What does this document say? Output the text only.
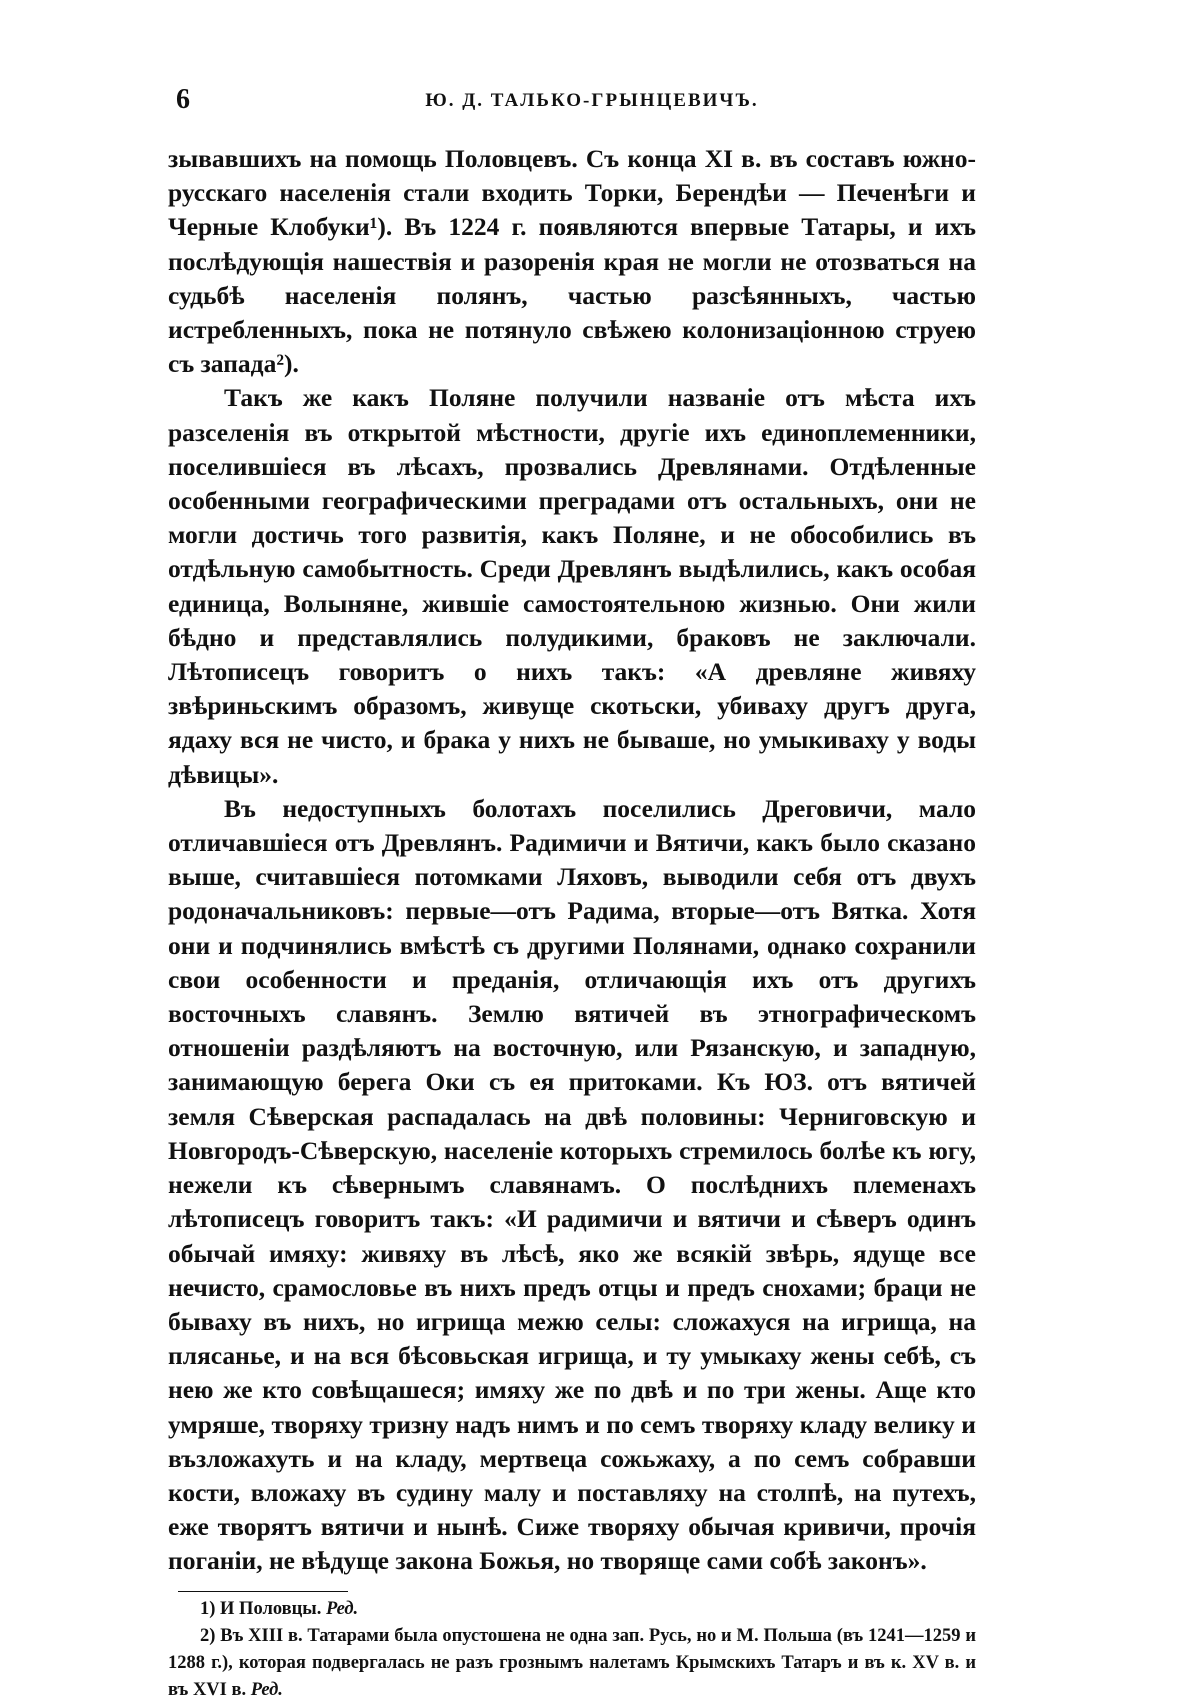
6	Ю. Д. ТАЛЬКО-ГРЫНЦЕВИЧЪ.

зывавшихъ на помощь Половцевъ. Съ конца XI в. въ составъ южно-русскаго населенія стали входить Торки, Берендѣи — Печенѣги и Черные Клобуки¹). Въ 1224 г. появляются впервые Татары, и ихъ послѣдующія нашествія и разоренія края не могли не отозваться на судьбѣ населенія полянъ, частью разсѣянныхъ, частью истребленныхъ, пока не потянуло свѣжею колонизаціонною струею съ запада²).

Такъ же какъ Поляне получили названіе отъ мѣста ихъ разселенія въ открытой мѣстности, другіе ихъ единоплеменники, поселившіеся въ лѣсахъ, прозвались Древлянами. Отдѣленные особенными географическими преградами отъ остальныхъ, они не могли достичь того развитія, какъ Поляне, и не обособились въ отдѣльную самобытность. Среди Древлянъ выдѣлились, какъ особая единица, Волыняне, жившіе самостоятельною жизнью. Они жили бѣдно и представлялись полудикими, браковъ не заключали. Лѣтописецъ говоритъ о нихъ такъ: «А древляне живяху звѣриньскимъ образомъ, живуще скотьски, убиваху другъ друга, ядаху вся не чисто, и брака у нихъ не бываше, но умыкиваху у воды дѣвицы».

Въ недоступныхъ болотахъ поселились Дреговичи, мало отличавшіеся отъ Древлянъ. Радимичи и Вятичи, какъ было сказано выше, считавшіеся потомками Ляховъ, выводили себя отъ двухъ родоначальниковъ: первые—отъ Радима, вторые—отъ Вятка. Хотя они и подчинялись вмѣстѣ съ другими Полянами, однако сохранили свои особенности и преданія, отличающія ихъ отъ другихъ восточныхъ славянъ. Землю вятичей въ этнографическомъ отношеніи раздѣляютъ на восточную, или Рязанскую, и западную, занимающую берега Оки съ ея притоками. Къ ЮЗ. отъ вятичей земля Сѣверская распадалась на двѣ половины: Черниговскую и Новгородъ-Сѣверскую, населеніе которыхъ стремилось болѣе къ югу, нежели къ сѣвернымъ славянамъ. О послѣднихъ племенахъ лѣтописецъ говоритъ такъ: «И радимичи и вятичи и сѣверъ одинъ обычай имяху: живяху въ лѣсѣ, яко же всякій звѣрь, ядуще все нечисто, срамословье въ нихъ предъ отцы и предъ снохами; браци не бываху въ нихъ, но игрища межю селы: сложахуся на игрища, на плясанье, и на вся бѣсовьская игрища, и ту умыкаху жены себѣ, съ нею же кто совѣщашеся; имяху же по двѣ и по три жены. Аще кто умряше, творяху тризну надъ нимъ и по семъ творяху кладу велику и възложахуть и на кладу, мертвеца сожьжаху, а по семъ собравши кости, вложаху въ судину малу и поставляху на столпѣ, на путехъ, еже творятъ вятичи и нынѣ. Сиже творяху обычая кривичи, прочія поганіи, не вѣдуще закона Божья, но творяще сами собѣ законъ».

1) И Половцы. Ред.

2) Въ XIII в. Татарами была опустошена не одна зап. Русь, но и М. Польша (въ 1241—1259 и 1288 г.), которая подвергалась не разъ грознымъ налетамъ Крымскихъ Татаръ и въ к. XV в. и въ XVI в. Ред.
